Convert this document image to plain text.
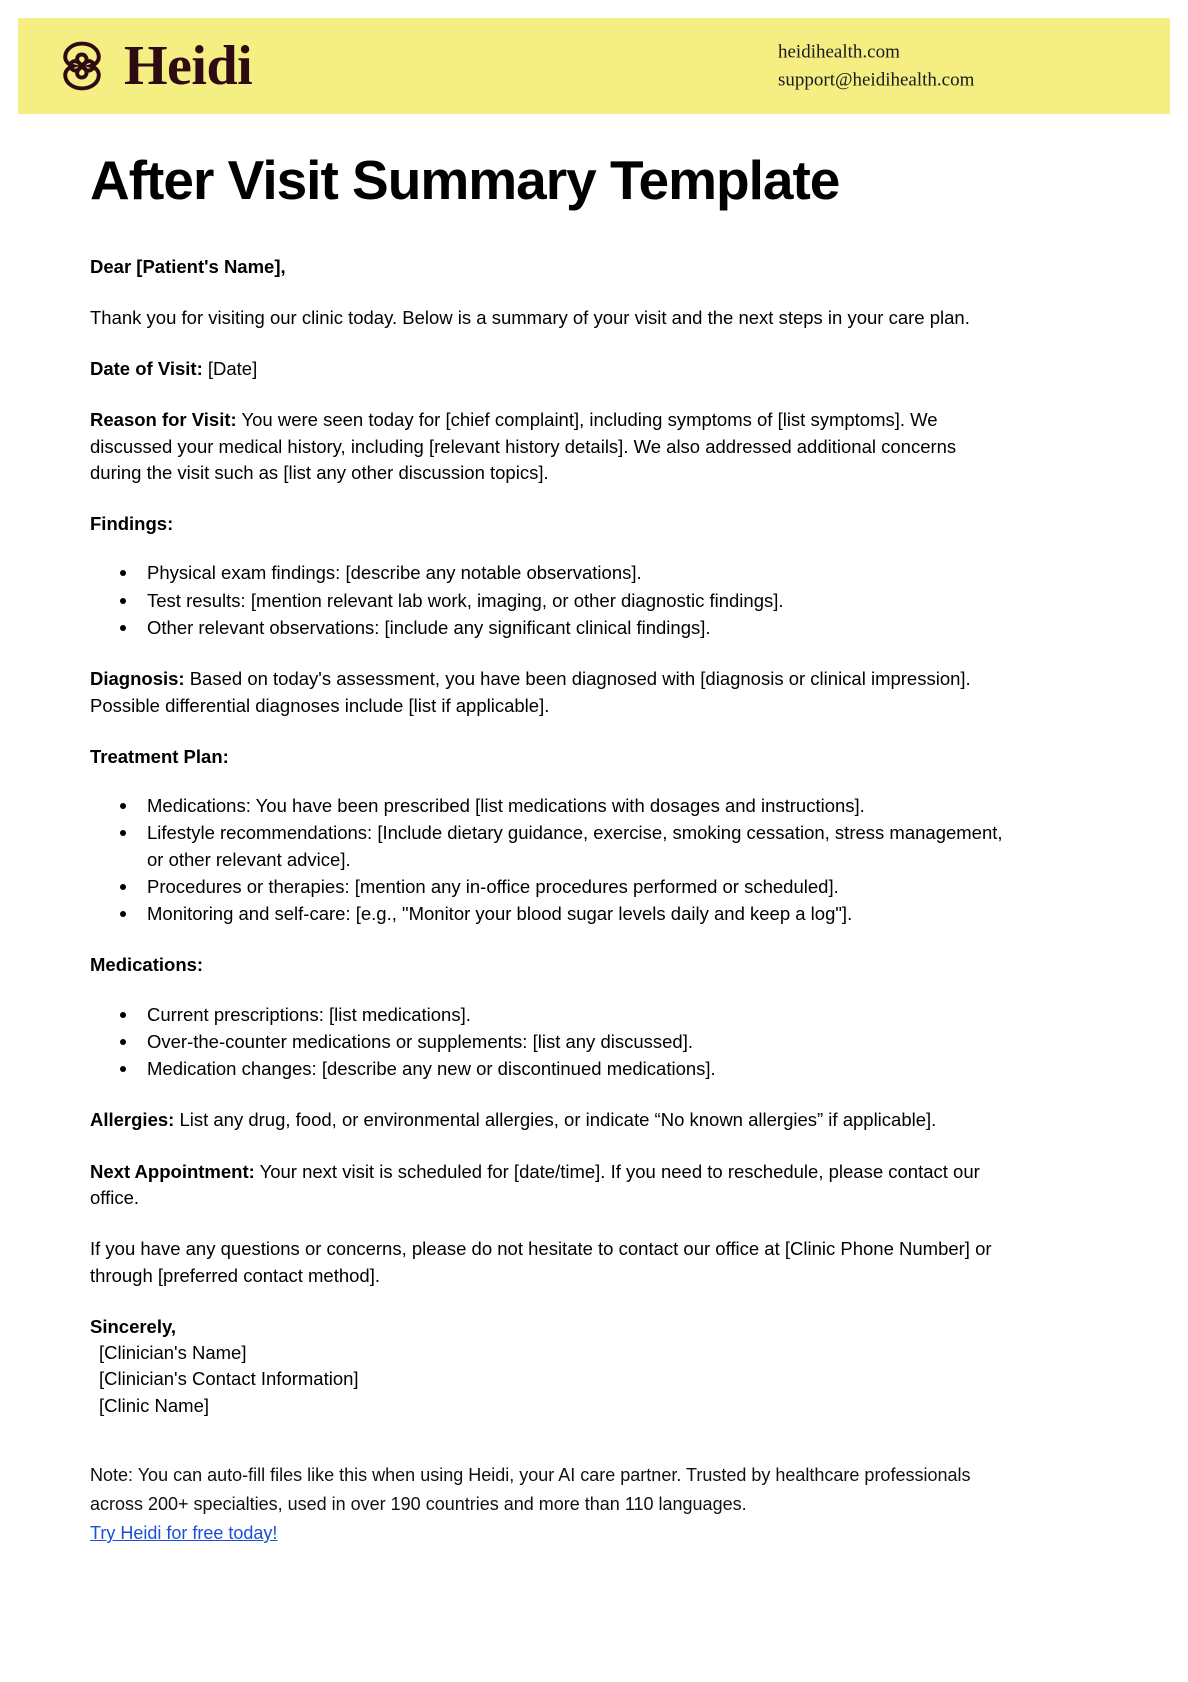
Heidi	heidihealth.com
support@heidihealth.com
After Visit Summary Template

Dear [Patient's Name],

Thank you for visiting our clinic today. Below is a summary of your visit and the next steps in your care plan.

Date of Visit: [Date]

Reason for Visit: You were seen today for [chief complaint], including symptoms of [list symptoms]. We discussed your medical history, including [relevant history details]. We also addressed additional concerns during the visit such as [list any other discussion topics].

Findings:

Physical exam findings: [describe any notable observations].
Test results: [mention relevant lab work, imaging, or other diagnostic findings].
Other relevant observations: [include any significant clinical findings].

Diagnosis: Based on today's assessment, you have been diagnosed with [diagnosis or clinical impression]. Possible differential diagnoses include [list if applicable].

Treatment Plan:

Medications: You have been prescribed [list medications with dosages and instructions].
Lifestyle recommendations: [Include dietary guidance, exercise, smoking cessation, stress management, or other relevant advice].
Procedures or therapies: [mention any in-office procedures performed or scheduled].
Monitoring and self-care: [e.g., "Monitor your blood sugar levels daily and keep a log"].

Medications:

Current prescriptions: [list medications].
Over-the-counter medications or supplements: [list any discussed].
Medication changes: [describe any new or discontinued medications].

Allergies: List any drug, food, or environmental allergies, or indicate “No known allergies” if applicable].

Next Appointment: Your next visit is scheduled for [date/time]. If you need to reschedule, please contact our office.

If you have any questions or concerns, please do not hesitate to contact our office at [Clinic Phone Number] or through [preferred contact method].

Sincerely,
[Clinician's Name]
[Clinician's Contact Information]
[Clinic Name]
Note: You can auto-fill files like this when using Heidi, your AI care partner. Trusted by healthcare professionals across 200+ specialties, used in over 190 countries and more than 110 languages.
Try Heidi for free today!
